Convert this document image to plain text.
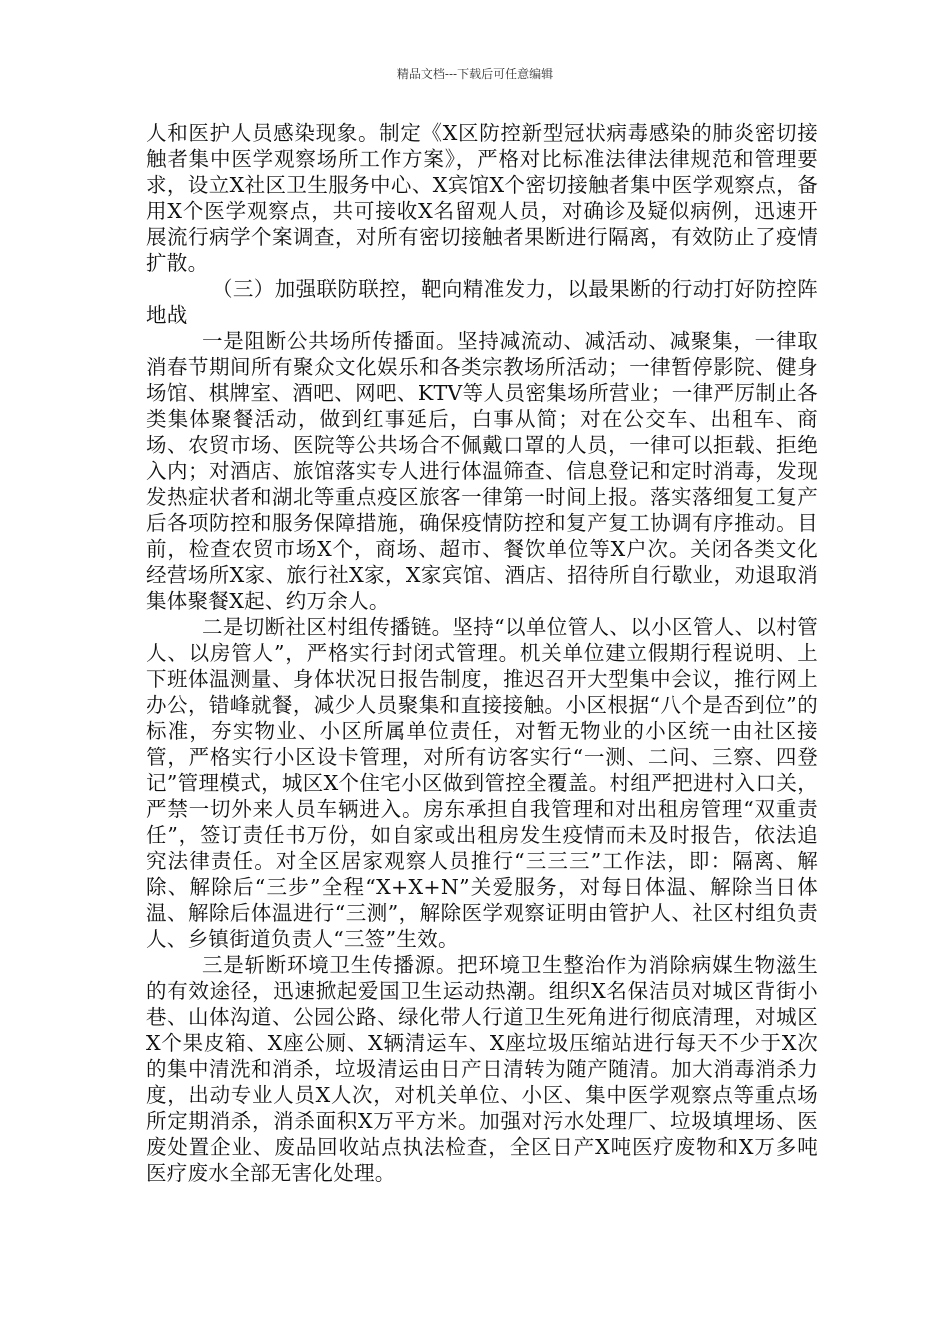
精品文档---下载后可任意编辑

人和医护人员感染现象。制定《X区防控新型冠状病毒感染的肺炎密切接触者集中医学观察场所工作方案》，严格对比标准法律法律规范和管理要求，设立X社区卫生服务中心、X宾馆X个密切接触者集中医学观察点，备用X个医学观察点，共可接收X名留观人员，对确诊及疑似病例，迅速开展流行病学个案调查，对所有密切接触者果断进行隔离，有效防止了疫情扩散。

（三）加强联防联控，靶向精准发力，以最果断的行动打好防控阵地战

一是阻断公共场所传播面。坚持减流动、减活动、减聚集，一律取消春节期间所有聚众文化娱乐和各类宗教场所活动；一律暂停影院、健身场馆、棋牌室、酒吧、网吧、KTV等人员密集场所营业；一律严厉制止各类集体聚餐活动，做到红事延后，白事从简；对在公交车、出租车、商场、农贸市场、医院等公共场合不佩戴口罩的人员，一律可以拒载、拒绝入内；对酒店、旅馆落实专人进行体温筛查、信息登记和定时消毒，发现发热症状者和湖北等重点疫区旅客一律第一时间上报。落实落细复工复产后各项防控和服务保障措施，确保疫情防控和复产复工协调有序推动。目前，检查农贸市场X个，商场、超市、餐饮单位等X户次。关闭各类文化经营场所X家、旅行社X家，X家宾馆、酒店、招待所自行歇业，劝退取消集体聚餐X起、约万余人。

二是切断社区村组传播链。坚持“以单位管人、以小区管人、以村管人、以房管人”，严格实行封闭式管理。机关单位建立假期行程说明、上下班体温测量、身体状况日报告制度，推迟召开大型集中会议，推行网上办公，错峰就餐，减少人员聚集和直接接触。小区根据“八个是否到位”的标准，夯实物业、小区所属单位责任，对暂无物业的小区统一由社区接管，严格实行小区设卡管理，对所有访客实行“一测、二问、三察、四登记”管理模式，城区X个住宅小区做到管控全覆盖。村组严把进村入口关，严禁一切外来人员车辆进入。房东承担自我管理和对出租房管理“双重责任”，签订责任书万份，如自家或出租房发生疫情而未及时报告，依法追究法律责任。对全区居家观察人员推行“三三三”工作法，即：隔离、解除、解除后“三步”全程“X+X+N”关爱服务，对每日体温、解除当日体温、解除后体温进行“三测”，解除医学观察证明由管护人、社区村组负责人、乡镇街道负责人“三签”生效。

三是斩断环境卫生传播源。把环境卫生整治作为消除病媒生物滋生的有效途径，迅速掀起爱国卫生运动热潮。组织X名保洁员对城区背街小巷、山体沟道、公园公路、绿化带人行道卫生死角进行彻底清理，对城区X个果皮箱、X座公厕、X辆清运车、X座垃圾压缩站进行每天不少于X次的集中清洗和消杀，垃圾清运由日产日清转为随产随清。加大消毒消杀力度，出动专业人员X人次，对机关单位、小区、集中医学观察点等重点场所定期消杀，消杀面积X万平方米。加强对污水处理厂、垃圾填埋场、医废处置企业、废品回收站点执法检查，全区日产X吨医疗废物和X万多吨医疗废水全部无害化处理。
